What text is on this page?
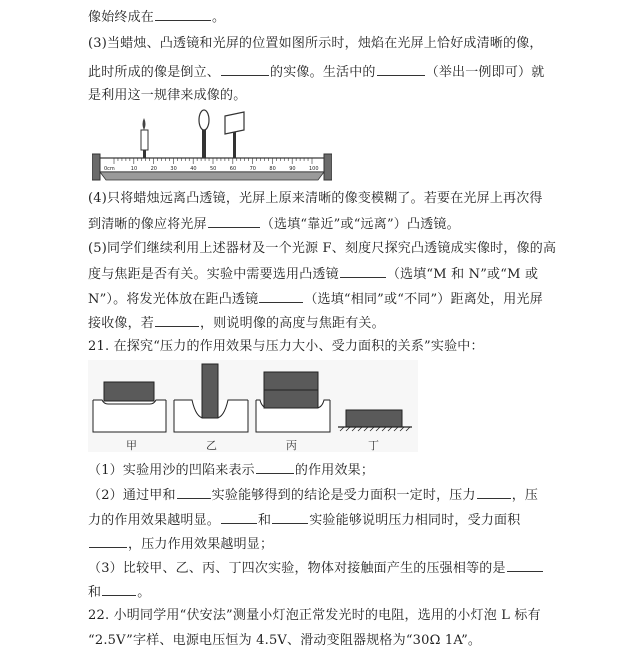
像始终成在	。
(3)当蜡烛、凸透镜和光屏的位置如图所示时，烛焰在光屏上恰好成清晰的像，
此时所成的像是倒立、	的实像。生活中的	（举出一例即可）就
是利用这一规律来成像的。
0cm	10	20	30	40	50	60	70	80	90	100
(4)只将蜡烛远离凸透镜，光屏上原来清晰的像变模糊了。若要在光屏上再次得
到清晰的像应将光屏	（选填“靠近”或“远离”）凸透镜。
(5)同学们继续利用上述器材及一个光源 F、刻度尺探究凸透镜成实像时，像的高
度与焦距是否有关。实验中需要选用凸透镜	（选填“M 和 N”或“M 或
N”）。将发光体放在距凸透镜	（选填“相同”或“不同”）距离处，用光屏
接收像，若	，则说明像的高度与焦距有关。
21. 在探究“压力的作用效果与压力大小、受力面积的关系”实验中：
甲	乙	丙	丁
（1）实验用沙的凹陷来表示	的作用效果；
（2）通过甲和	实验能够得到的结论是受力面积一定时，压力	，压
力的作用效果越明显。	和	实验能够说明压力相同时，受力面积
，压力作用效果越明显；
（3）比较甲、乙、丙、丁四次实验，物体对接触面产生的压强相等的是
和	。
22. 小明同学用“伏安法”测量小灯泡正常发光时的电阻，选用的小灯泡 L 标有
“2.5V”字样、电源电压恒为 4.5V、滑动变阻器规格为“30Ω 1A”。
